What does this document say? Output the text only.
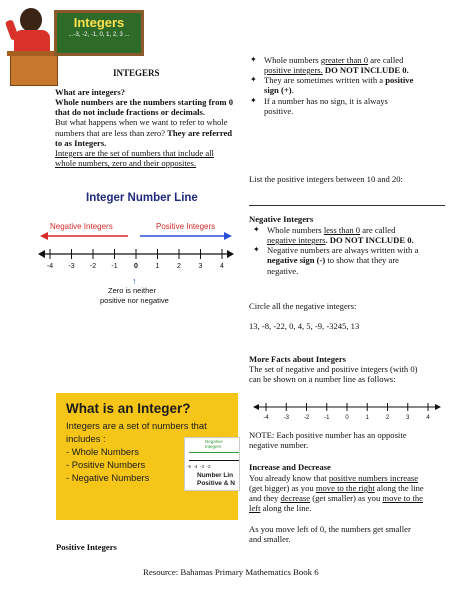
Integers
...-3, -2, -1, 0, 1, 2, 3 ...
INTEGERS
What are integers?
Whole numbers are the numbers starting from 0 that do not include fractions or decimals.
But what happens when we want to refer to whole numbers that are less than zero? They are referred to as Integers.
Integers are the set of numbers that include all whole numbers, zero and their opposites.
Integer Number Line
Negative Integers	Positive Integers
-4	-3	-2	-1	0	1	2	3	4
↑
Zero is neither
positive nor negative
What is an Integer?
Integers are a set of numbers that
includes :
- Whole Numbers
- Positive Numbers
- Negative Numbers
Negative
Integers
-5  -4  -3  -2
Number Lin
Positive & N
Positive Integers
✦ Whole numbers greater than 0 are called positive integers. DO NOT INCLUDE 0.
✦ They are sometimes written with a positive sign (+).
✦ If a number has no sign, it is always positive.
List the positive integers between 10 and 20:
Negative Integers
✦ Whole numbers less than 0 are called negative integers. DO NOT INCLUDE 0.
✦ Negative numbers are always written with a negative sign (-) to show that they are negative.
Circle all the negative integers:
13, -8, -22, 0, 4, 5, -9, -3245, 13
More Facts about Integers
The set of negative and positive integers (with 0) can be shown on a number line as follows:
-4	-3	-2	-1	0	1	2	3	4
NOTE: Each positive number has an opposite negative number.
Increase and Decrease
You already know that positive numbers increase (get bigger) as you move to the right along the line and they decrease (get smaller) as you move to the left along the line.
As you move left of 0, the numbers get smaller and smaller.
Resource: Bahamas Primary Mathematics Book 6
